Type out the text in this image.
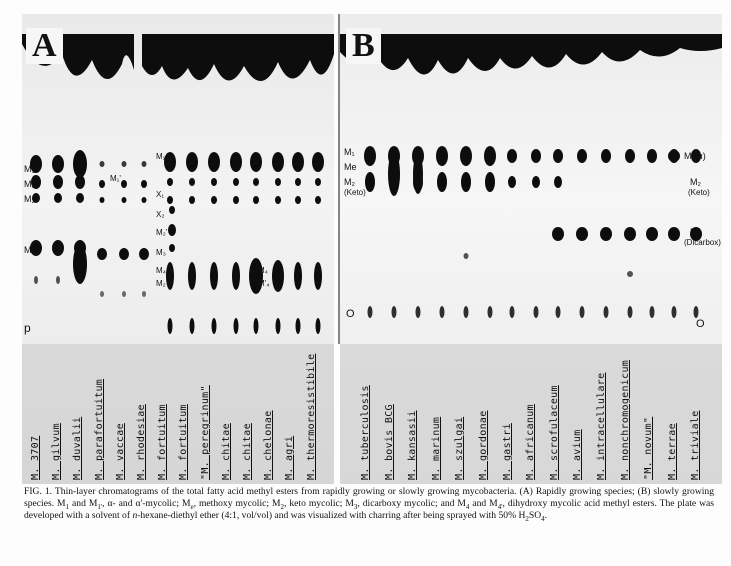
A
M₁
M₁'
M₂
M₃
p
M₁
M₁'
X₁
X₂
M₂'
M₃
M₄
M₂	M'₄
M₄
M. 3707 M. gilvum M. duvalii M. parafortuitum M. vaccae M. rhodesiae M. fortuitum M. fortuitum "M. peregrinum" M. chitae M. chitae M. chelonae M. agri M. thermoresistibile
B
M₁
Me
M₂
(Keto)
O
M₁(α)
M₂
(Keto)
M₃
(Dicarbox)
O
M. tuberculosis M. bovis BCG M. kansasii M. marinum M. szulgai M. gordonae M. gastri M. africanum M. scrofulaceum M. avium M. intracellulare M. nonchromogenicum "M. novum" M. terrae M. triviale

FIG. 1. Thin-layer chromatograms of the total fatty acid methyl esters from rapidly growing or slowly growing mycobacteria. (A) Rapidly growing species; (B) slowly growing species. $M_1$ and $M_{1'}$, α- and α'-mycolic; $M_e$, methoxy mycolic; $M_2$, keto mycolic; $M_3$, dicarboxy mycolic; and $M_4$ and $M_{4'}$, dihydroxy mycolic acid methyl esters. The plate was developed with a solvent of n-hexane-diethyl ether (4:1, vol/vol) and was visualized with charring after being sprayed with 50% $H_2SO_4$.
